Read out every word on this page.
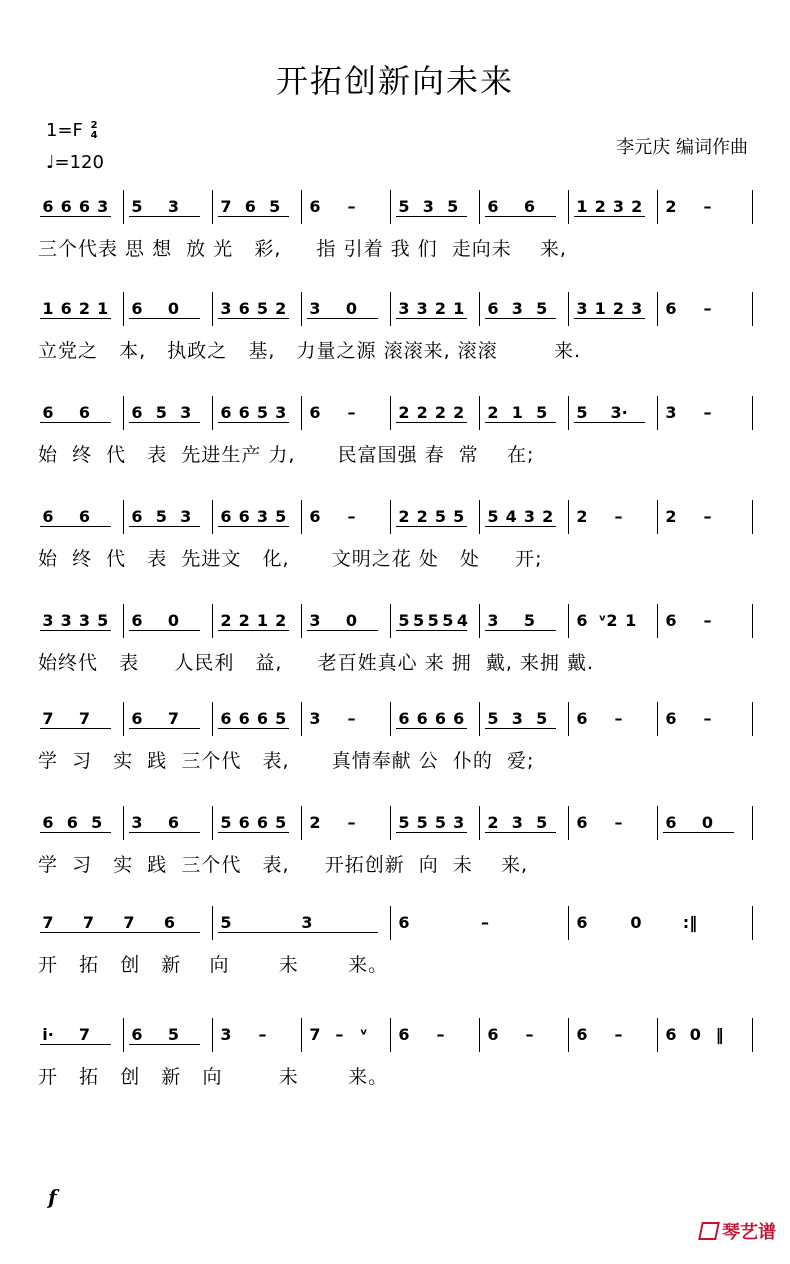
开拓创新向未来
1=F 2
4
♩=120
李元庆 编词作曲
6 6 6 3 5 3	7 6 5 6 –	5 3 5 6 6	1 2 3 2 2 –
三个代表 思 想  放 光   彩,     指 引着 我 们  走向未    来,
1 6 2 1 6 0	3 6 5 2 3 0	3 3 2 1 6 3 5 3 1 2 3 6 –
立党之   本,   执政之   基,   力量之源 滚滚来, 滚滚        来.
6 6	6 5 3 6 6 5 3 6 –	2 2 2 2 2 1 5 5 3· 3 –
始  终  代   表  先进生产 力,      民富国强 春  常    在;
6 6	6 5 3 6 6 3 5 6 –	2 2 5 5 5 4 3 2 2 –	2 –
始  终  代   表  先进文   化,      文明之花 处   处     开;
3 3 3 5 6 0	2 2 1 2 3 0	5 5 5 5 4 3 5	6 ᵛ2 1 6 –
始终代   表     人民利   益,     老百姓真心 来 拥  戴, 来拥 戴.
7 7	6 7	6 6 6 5 3 –	6 6 6 6 5 3 5 6 –	6 –
学  习   实  践  三个代   表,      真情奉献 公  仆的  爱;
6 6 5 3 6	5 6 6 5 2 –	5 5 5 3 2 3 5 6 –	6 0
学  习   实  践  三个代   表,     开拓创新  向  未    来,
7 7 7 6	5	3	6	–	6	0	:‖
开   拓   创   新    向       未       来。
i· 7	6 5	3 –	7 – ᵛ 6 –	6 –	6 –	6 0 ‖
开   拓   创   新   向        未       来。
f
琴艺谱
